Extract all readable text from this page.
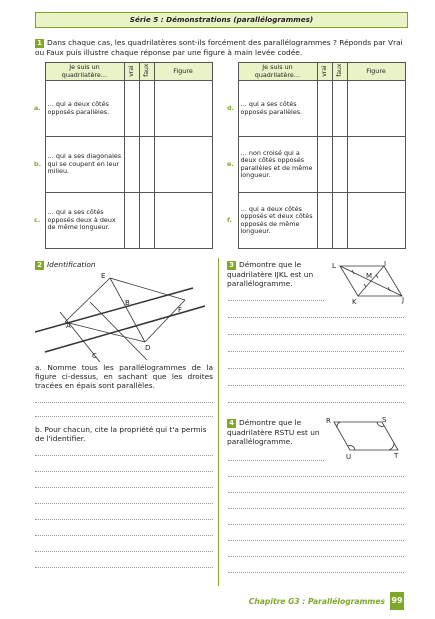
Série 5 : Démonstrations (parallélogrammes)
1 Dans chaque cas, les quadrilatères sont-ils forcément des parallélogrammes ? Réponds par Vrai ou Faux puis illustre chaque réponse par une figure à main levée codée.
	Je suis un quadrilatère…	vrai	faux	Figure
a.	… qui a deux côtés opposés parallèles.			
b.	… qui a ses diagonales qui se coupent en leur milieu.			
c.	… qui a ses côtés opposés deux à deux de même longueur.			
	Je suis un quadrilatère…	vrai	faux	Figure
d.	… qui a ses côtés opposés parallèles.			
e.	… non croisé qui a deux côtés opposés parallèles et de même longueur.			
f.	… qui a deux côtés opposés et deux côtés opposés de même longueur.			
2 Identification
A
B
C
D
E
F
a. Nomme tous les parallélogrammes de la figure ci-dessus, en sachant que les droites tracées en épais sont parallèles.
b. Pour chacun, cite la propriété qui t'a permis de l'identifier.
3 Démontre que le quadrilatère IJKL est un parallélogramme.
L	I
M
K	J
4 Démontre que le quadrilatère RSTU est un parallélogramme.
R	S
U	T
Chapitre G3 : Parallélogrammes 99
